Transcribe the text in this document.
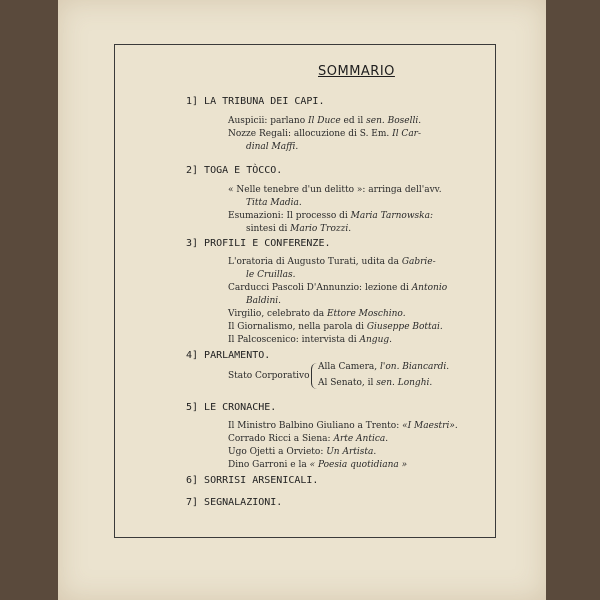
SOMMARIO
1] LA TRIBUNA DEI CAPI.
Auspicii: parlano Il Duce ed il sen. Boselli.
Nozze Regali: allocuzione di S. Em. Il Car-
dinal Maffi.
2] TOGA E TÒCCO.
« Nelle tenebre d'un delitto »: arringa dell'avv.
Titta Madia.
Esumazioni: Il processo di Maria Tarnowska:
sintesi di Mario Trozzi.
3] PROFILI E CONFERENZE.
L'oratoria di Augusto Turati, udita da Gabrie-
le Cruillas.
Carducci Pascoli D'Annunzio: lezione di Antonio
Baldini.
Virgilio, celebrato da Ettore Moschino.
Il Giornalismo, nella parola di Giuseppe Bottai.
Il Palcoscenico: intervista di Angug.
4] PARLAMENTO.
Stato Corporativo
Alla Camera, l'on. Biancardi.
Al Senato, il sen. Longhi.
5] LE CRONACHE.
Il Ministro Balbino Giuliano a Trento: «I Maestri».
Corrado Ricci a Siena: Arte Antica.
Ugo Ojetti a Orvieto: Un Artista.
Dino Garroni e la « Poesia quotidiana »
6] SORRISI ARSENICALI.
7] SEGNALAZIONI.
